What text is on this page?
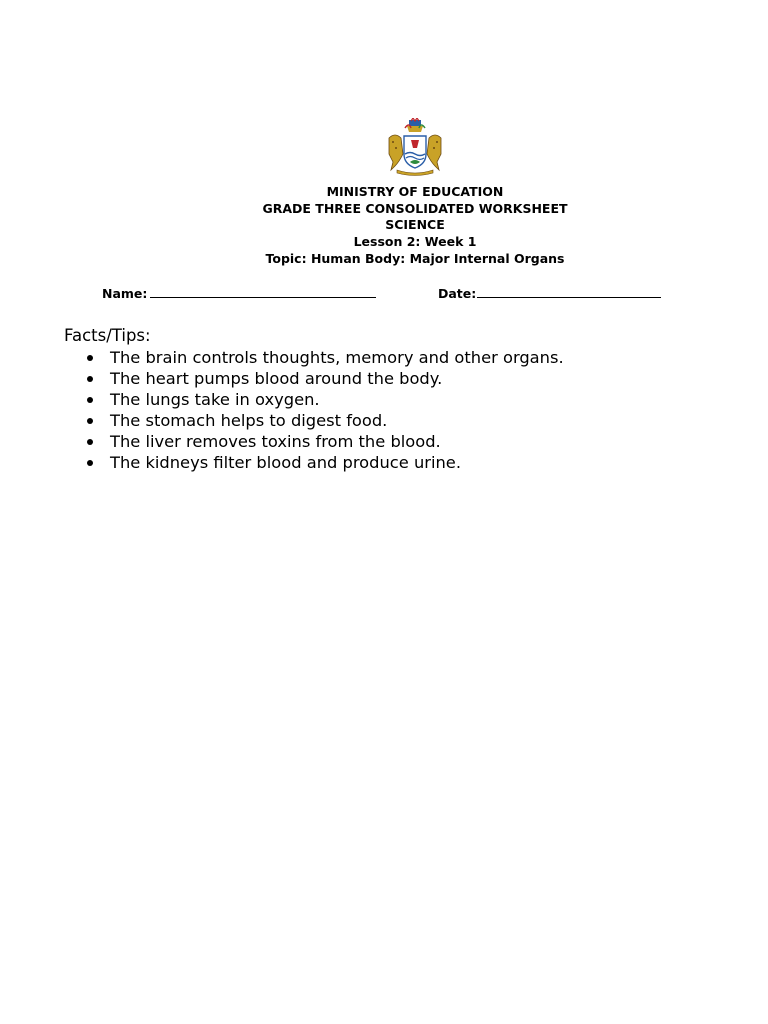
MINISTRY OF EDUCATION
GRADE THREE CONSOLIDATED WORKSHEET
SCIENCE
Lesson 2: Week 1
Topic: Human Body: Major Internal Organs
Name:	Date:
Facts/Tips:
The brain controls thoughts, memory and other organs.
The heart pumps blood around the body.
The lungs take in oxygen.
The stomach helps to digest food.
The liver removes toxins from the blood.
The kidneys filter blood and produce urine.
